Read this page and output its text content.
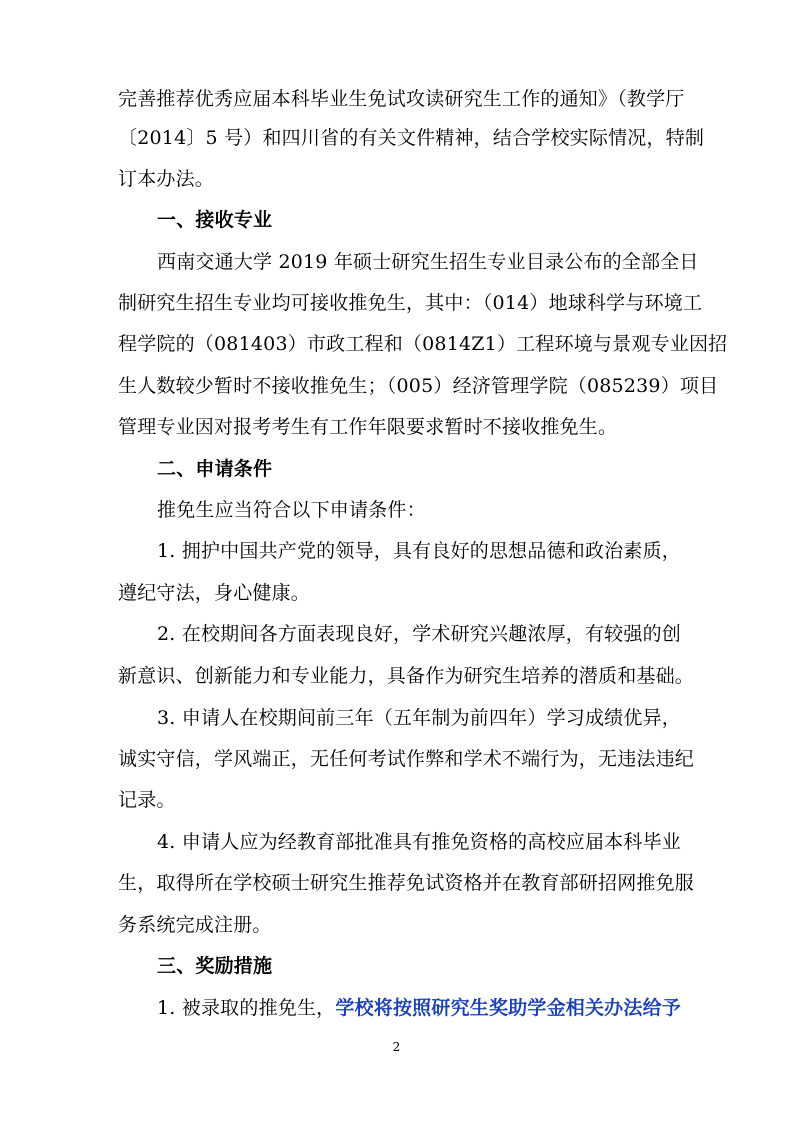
完善推荐优秀应届本科毕业生免试攻读研究生工作的通知》（教学厅
〔2014〕5 号）和四川省的有关文件精神，结合学校实际情况，特制
订本办法。
一、接收专业
西南交通大学 2019 年硕士研究生招生专业目录公布的全部全日
制研究生招生专业均可接收推免生，其中：（014）地球科学与环境工
程学院的（081403）市政工程和（0814Z1）工程环境与景观专业因招
生人数较少暂时不接收推免生；（005）经济管理学院（085239）项目
管理专业因对报考考生有工作年限要求暂时不接收推免生。
二、申请条件
推免生应当符合以下申请条件：
1. 拥护中国共产党的领导，具有良好的思想品德和政治素质，
遵纪守法，身心健康。
2. 在校期间各方面表现良好，学术研究兴趣浓厚，有较强的创
新意识、创新能力和专业能力，具备作为研究生培养的潜质和基础。
3. 申请人在校期间前三年（五年制为前四年）学习成绩优异，
诚实守信，学风端正，无任何考试作弊和学术不端行为，无违法违纪
记录。
4. 申请人应为经教育部批准具有推免资格的高校应届本科毕业
生，取得所在学校硕士研究生推荐免试资格并在教育部研招网推免服
务系统完成注册。
三、奖励措施
1. 被录取的推免生，学校将按照研究生奖助学金相关办法给予
2
